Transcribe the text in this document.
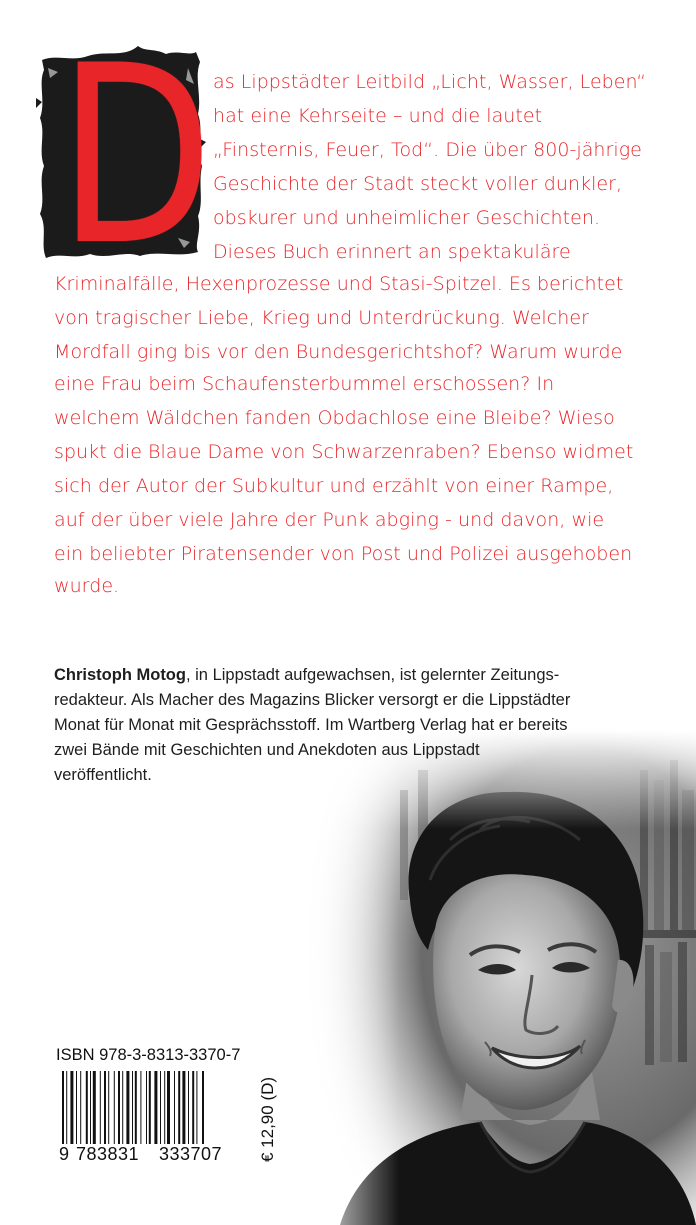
D as Lippstädter Leitbild „Licht, Wasser, Leben“
hat eine Kehrseite – und die lautet
„Finsternis, Feuer, Tod“. Die über 800-jährige
Geschichte der Stadt steckt voller dunkler,
obskurer und unheimlicher Geschichten.
Dieses Buch erinnert an spektakuläre
Kriminalfälle, Hexenprozesse und Stasi-Spitzel. Es berichtet
von tragischer Liebe, Krieg und Unterdrückung. Welcher
Mordfall ging bis vor den Bundesgerichtshof? Warum wurde
eine Frau beim Schaufensterbummel erschossen? In
welchem Wäldchen fanden Obdachlose eine Bleibe? Wieso
spukt die Blaue Dame von Schwarzenraben? Ebenso widmet
sich der Autor der Subkultur und erzählt von einer Rampe,
auf der über viele Jahre der Punk abging - und davon, wie
ein beliebter Piratensender von Post und Polizei ausgehoben
wurde.
Christoph Motog, in Lippstadt aufgewachsen, ist gelernter Zeitungs-
redakteur. Als Macher des Magazins Blicker versorgt er die Lippstädter
Monat für Monat mit Gesprächsstoff. Im Wartberg Verlag hat er bereits
zwei Bände mit Geschichten und Anekdoten aus Lippstadt
veröffentlicht.
ISBN 978-3-8313-3370-7
9 783831 333707 € 12,90 (D)
